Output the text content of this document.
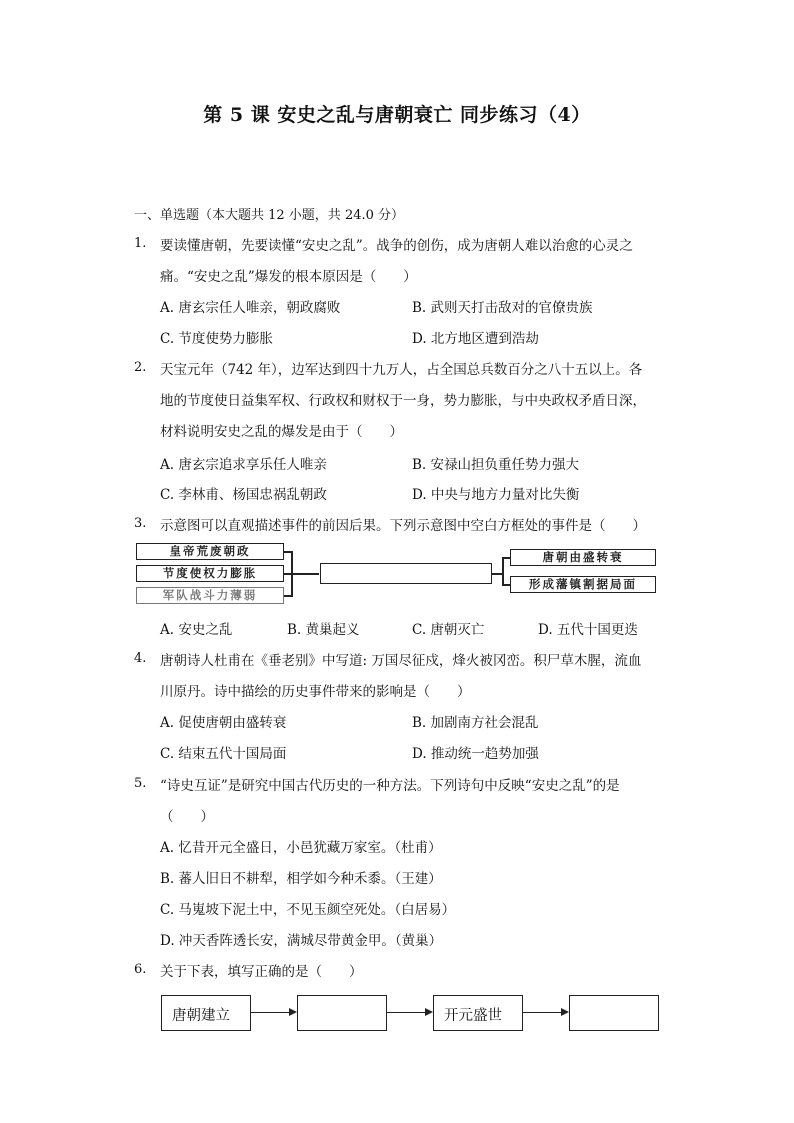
第 5 课 安史之乱与唐朝衰亡 同步练习（4）
一、单选题（本大题共 12 小题，共 24.0 分）
1. 要读懂唐朝，先要读懂“安史之乱”。战争的创伤，成为唐朝人难以治愈的心灵之
痛。“安史之乱”爆发的根本原因是（　　）
A. 唐玄宗任人唯亲，朝政腐败	B. 武则天打击敌对的官僚贵族
C. 节度使势力膨胀	D. 北方地区遭到浩劫
2. 天宝元年（742 年），边军达到四十九万人，占全国总兵数百分之八十五以上。各
地的节度使日益集军权、行政权和财权于一身，势力膨胀，与中央政权矛盾日深，
材料说明安史之乱的爆发是由于（　　）
A. 唐玄宗追求享乐任人唯亲	B. 安禄山担负重任势力强大
C. 李林甫、杨国忠祸乱朝政	D. 中央与地方力量对比失衡
3. 示意图可以直观描述事件的前因后果。下列示意图中空白方框处的事件是（　　）
皇帝荒废朝政
节度使权力膨胀
军队战斗力薄弱
唐朝由盛转衰
形成藩镇割据局面
A. 安史之乱	B. 黄巢起义	C. 唐朝灭亡	D. 五代十国更迭
4. 唐朝诗人杜甫在《垂老别》中写道: 万国尽征戍，烽火被冈峦。积尸草木腥，流血
川原丹。诗中描绘的历史事件带来的影响是（　　）
A. 促使唐朝由盛转衰	B. 加剧南方社会混乱
C. 结束五代十国局面	D. 推动统一趋势加强
5. “诗史互证”是研究中国古代历史的一种方法。下列诗句中反映“安史之乱”的是
（　　）
A. 忆昔开元全盛日，小邑犹藏万家室。（杜甫）
B. 蕃人旧日不耕犁，相学如今种禾黍。（王建）
C. 马嵬坡下泥土中，不见玉颜空死处。（白居易）
D. 冲天香阵透长安，满城尽带黄金甲。（黄巢）
6. 关于下表，填写正确的是（　　）
唐朝建立	开元盛世
